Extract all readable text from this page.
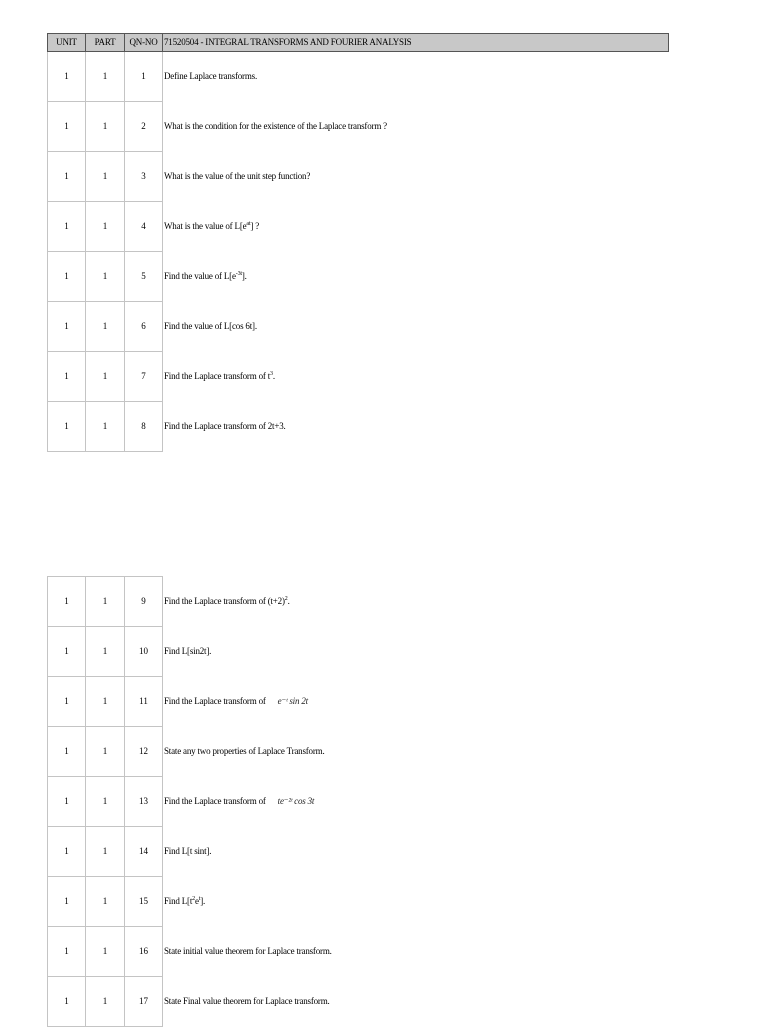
UNIT	PART	QN-NO	71520504 - INTEGRAL TRANSFORMS AND FOURIER ANALYSIS
1	1	1	Define Laplace transforms.
1	1	2	What is the condition for the existence of the Laplace transform ?
1	1	3	What is the value of the unit step function?
1	1	4	What is the value of $L[e^{at}]$ ?
1	1	5	Find the value of $L[e^{-3t}]$.
1	1	6	Find the value of L[cos 6t].
1	1	7	Find the Laplace transform of $t^3$.
1	1	8	Find the Laplace transform of 2t+3.
1	1	9	Find the Laplace transform of $(t+2)^2$.
1	1	10	Find L[sin2t].
1	1	11	Find the Laplace transform of e⁻ᵗ sin 2t
1	1	12	State any two properties of Laplace Transform.
1	1	13	Find the Laplace transform of te⁻²ᵗ cos 3t
1	1	14	Find L[t sint].
1	1	15	Find $L[t^2e^t]$.
1	1	16	State initial value theorem for Laplace transform.
1	1	17	State Final value theorem for Laplace transform.
